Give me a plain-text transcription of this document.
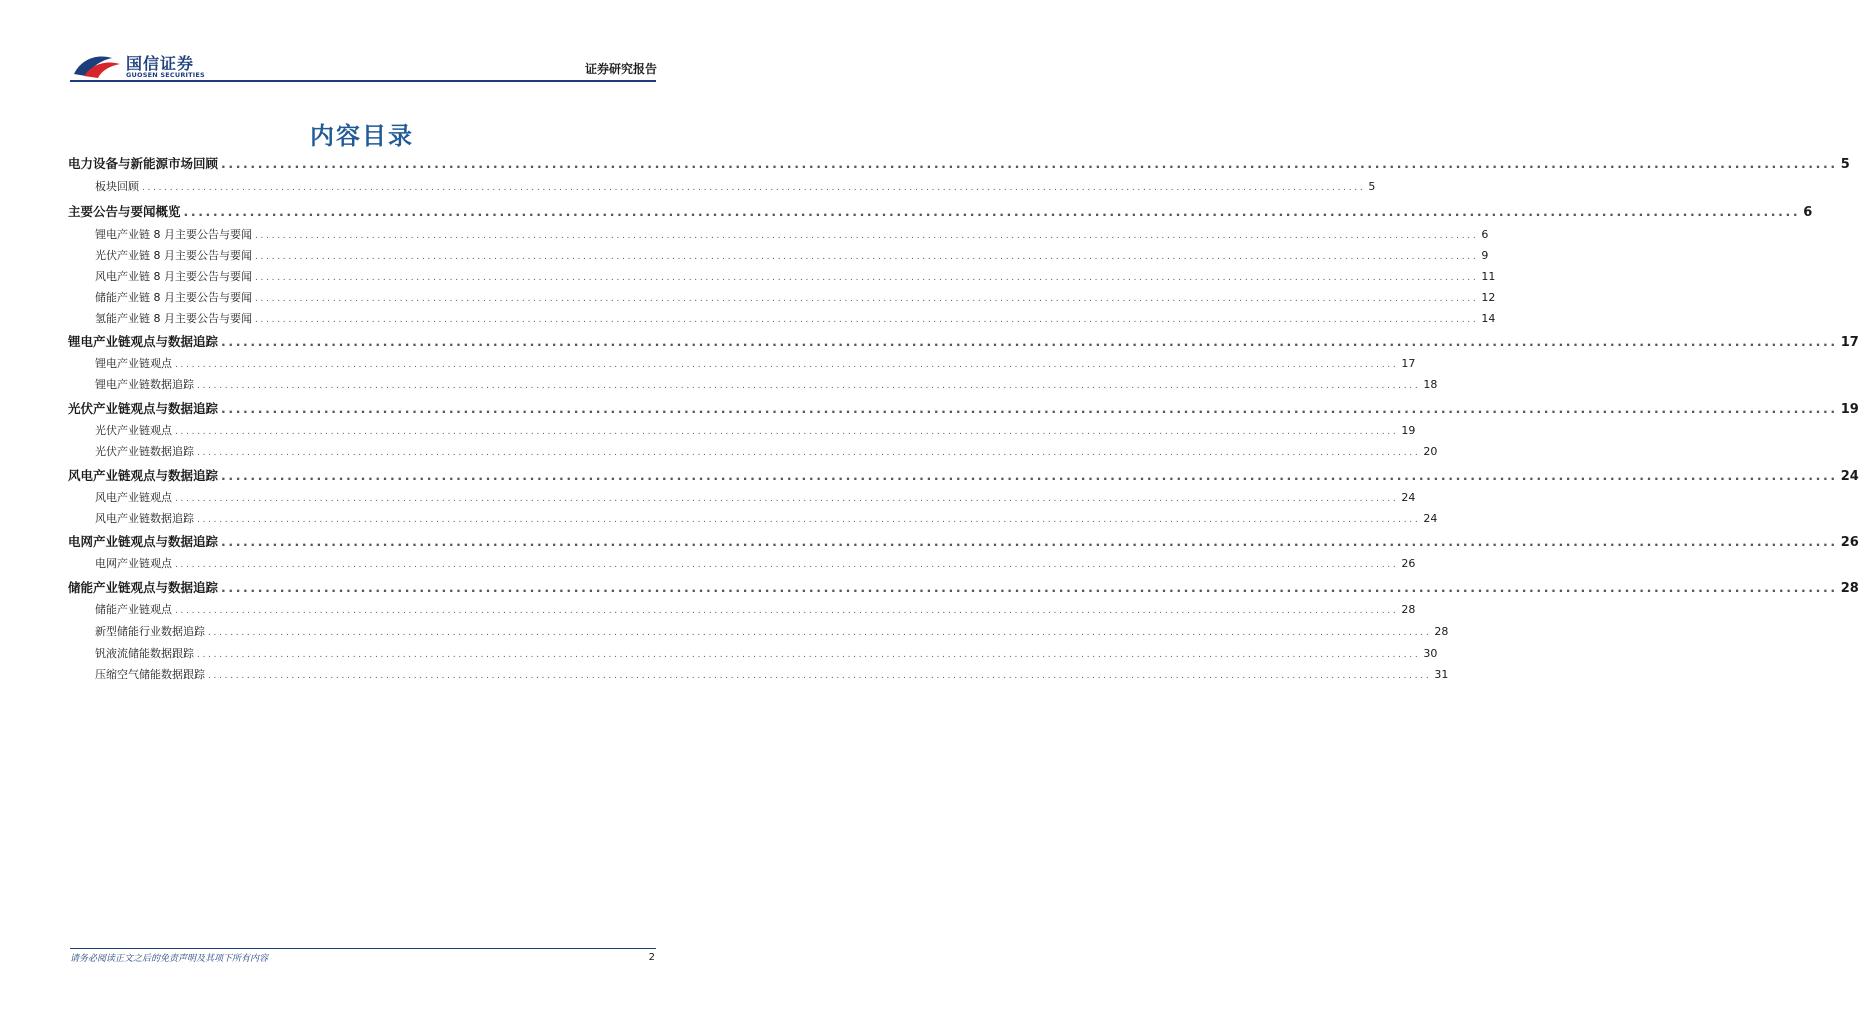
国信证券
GUOSEN SECURITIES	证券研究报告
内容目录
电力设备与新能源市场回顾 ............................................................................................................................................................................................................................ 5
板块回顾 ............................................................................................................................................................................................................................ 5
主要公告与要闻概览 ............................................................................................................................................................................................................................ 6
锂电产业链 8 月主要公告与要闻 ............................................................................................................................................................................................................................ 6
光伏产业链 8 月主要公告与要闻 ............................................................................................................................................................................................................................ 9
风电产业链 8 月主要公告与要闻 ............................................................................................................................................................................................................................ 11
储能产业链 8 月主要公告与要闻 ............................................................................................................................................................................................................................ 12
氢能产业链 8 月主要公告与要闻 ............................................................................................................................................................................................................................ 14
锂电产业链观点与数据追踪 ............................................................................................................................................................................................................................ 17
锂电产业链观点 ............................................................................................................................................................................................................................ 17
锂电产业链数据追踪 ............................................................................................................................................................................................................................ 18
光伏产业链观点与数据追踪 ............................................................................................................................................................................................................................ 19
光伏产业链观点 ............................................................................................................................................................................................................................ 19
光伏产业链数据追踪 ............................................................................................................................................................................................................................ 20
风电产业链观点与数据追踪 ............................................................................................................................................................................................................................ 24
风电产业链观点 ............................................................................................................................................................................................................................ 24
风电产业链数据追踪 ............................................................................................................................................................................................................................ 24
电网产业链观点与数据追踪 ............................................................................................................................................................................................................................ 26
电网产业链观点 ............................................................................................................................................................................................................................ 26
储能产业链观点与数据追踪 ............................................................................................................................................................................................................................ 28
储能产业链观点 ............................................................................................................................................................................................................................ 28
新型储能行业数据追踪 ............................................................................................................................................................................................................................ 28
钒液流储能数据跟踪 ............................................................................................................................................................................................................................ 30
压缩空气储能数据跟踪 ............................................................................................................................................................................................................................ 31
请务必阅读正文之后的免责声明及其项下所有内容	2
